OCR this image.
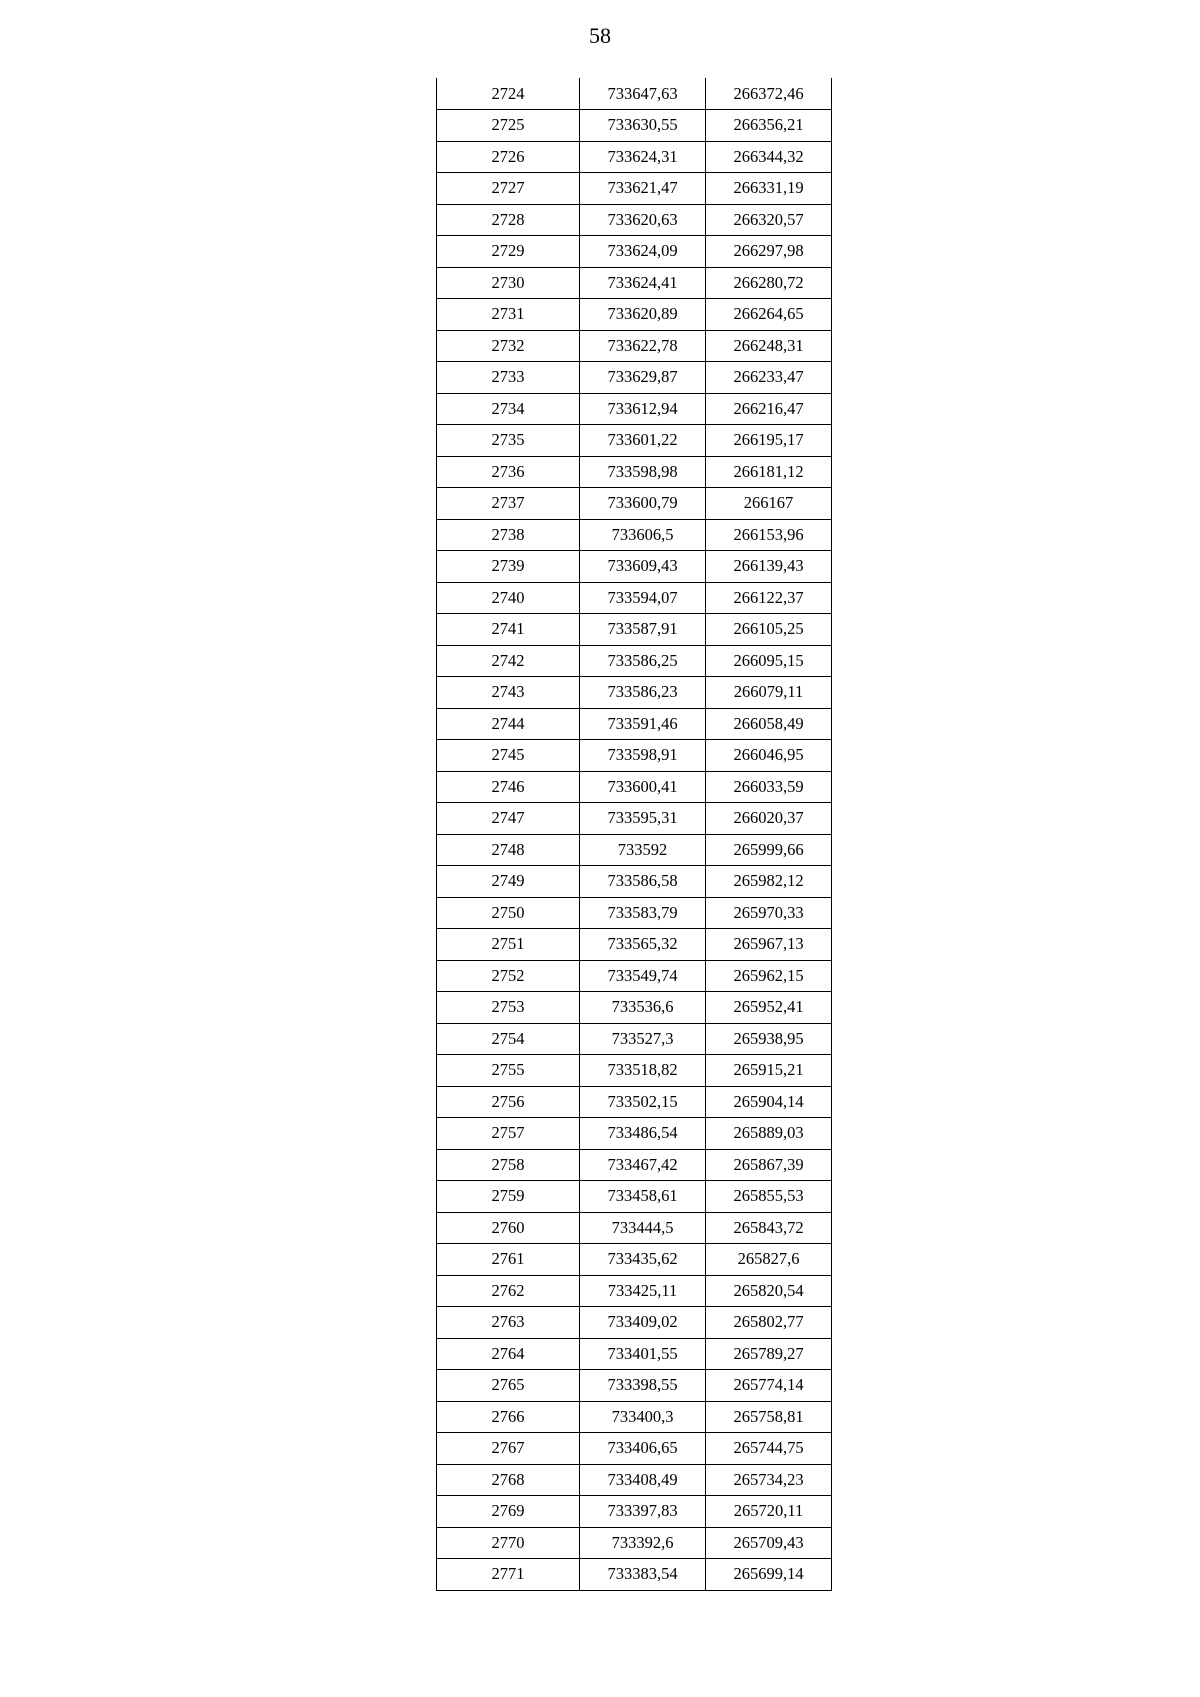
58
2724	733647,63	266372,46
2725	733630,55	266356,21
2726	733624,31	266344,32
2727	733621,47	266331,19
2728	733620,63	266320,57
2729	733624,09	266297,98
2730	733624,41	266280,72
2731	733620,89	266264,65
2732	733622,78	266248,31
2733	733629,87	266233,47
2734	733612,94	266216,47
2735	733601,22	266195,17
2736	733598,98	266181,12
2737	733600,79	266167
2738	733606,5	266153,96
2739	733609,43	266139,43
2740	733594,07	266122,37
2741	733587,91	266105,25
2742	733586,25	266095,15
2743	733586,23	266079,11
2744	733591,46	266058,49
2745	733598,91	266046,95
2746	733600,41	266033,59
2747	733595,31	266020,37
2748	733592	265999,66
2749	733586,58	265982,12
2750	733583,79	265970,33
2751	733565,32	265967,13
2752	733549,74	265962,15
2753	733536,6	265952,41
2754	733527,3	265938,95
2755	733518,82	265915,21
2756	733502,15	265904,14
2757	733486,54	265889,03
2758	733467,42	265867,39
2759	733458,61	265855,53
2760	733444,5	265843,72
2761	733435,62	265827,6
2762	733425,11	265820,54
2763	733409,02	265802,77
2764	733401,55	265789,27
2765	733398,55	265774,14
2766	733400,3	265758,81
2767	733406,65	265744,75
2768	733408,49	265734,23
2769	733397,83	265720,11
2770	733392,6	265709,43
2771	733383,54	265699,14
